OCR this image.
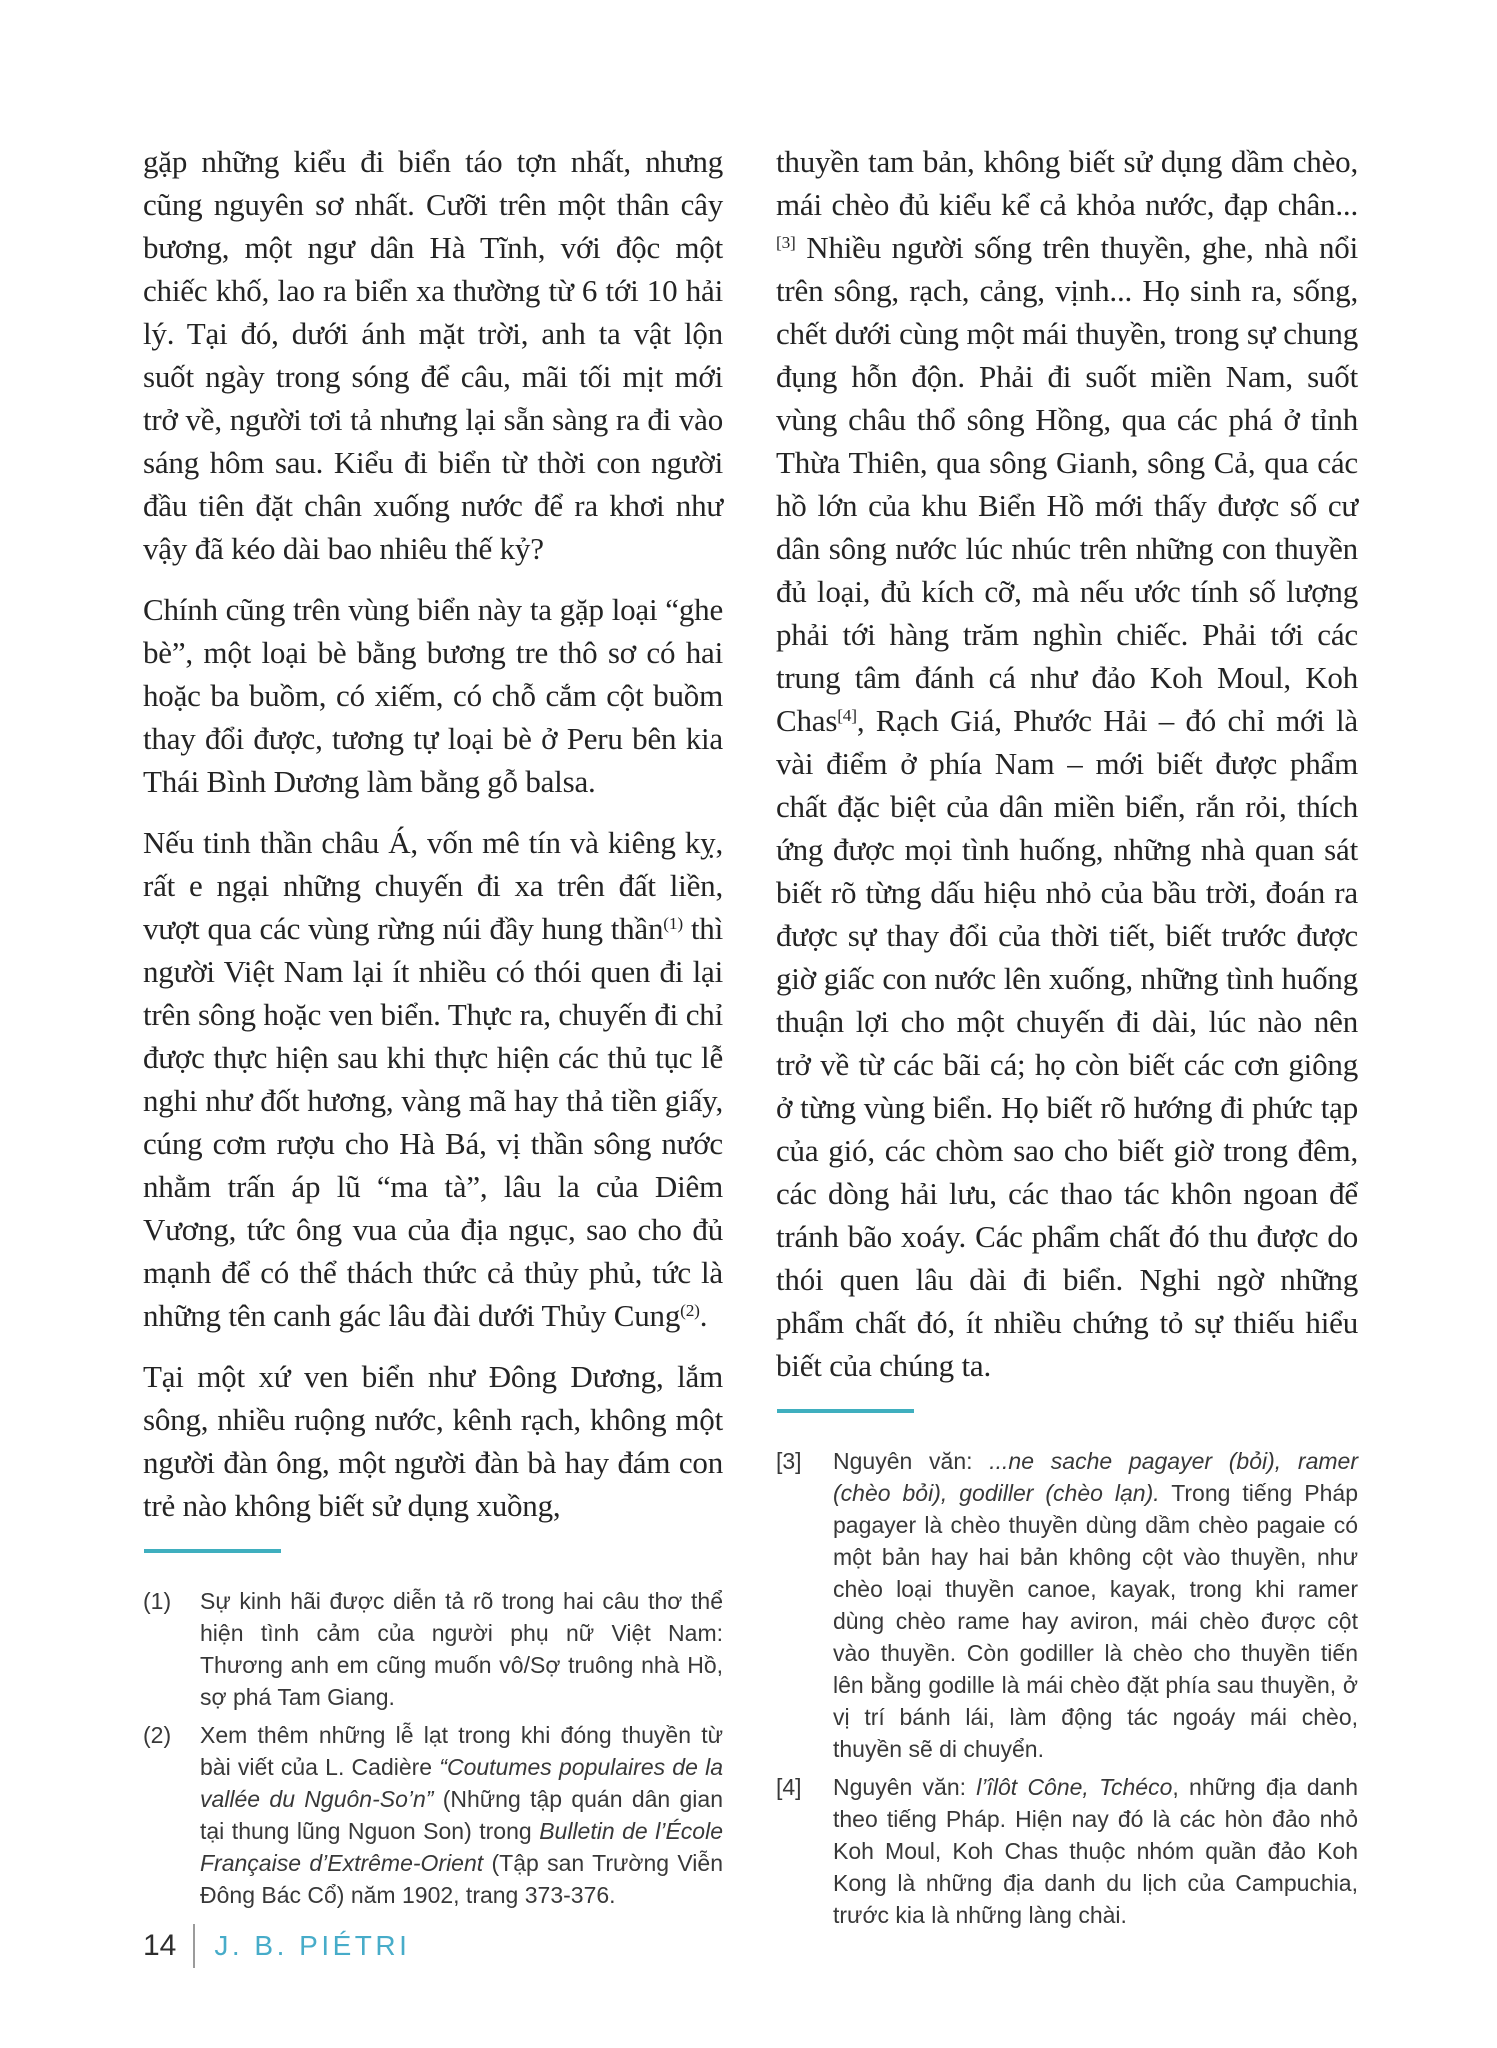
gặp những kiểu đi biển táo tợn nhất, nhưng cũng nguyên sơ nhất. Cưỡi trên một thân cây bương, một ngư dân Hà Tĩnh, với độc một chiếc khố, lao ra biển xa thường từ 6 tới 10 hải lý. Tại đó, dưới ánh mặt trời, anh ta vật lộn suốt ngày trong sóng để câu, mãi tối mịt mới trở về, người tơi tả nhưng lại sẵn sàng ra đi vào sáng hôm sau. Kiểu đi biển từ thời con người đầu tiên đặt chân xuống nước để ra khơi như vậy đã kéo dài bao nhiêu thế kỷ?

Chính cũng trên vùng biển này ta gặp loại “ghe bè”, một loại bè bằng bương tre thô sơ có hai hoặc ba buồm, có xiếm, có chỗ cắm cột buồm thay đổi được, tương tự loại bè ở Peru bên kia Thái Bình Dương làm bằng gỗ balsa.

Nếu tinh thần châu Á, vốn mê tín và kiêng kỵ, rất e ngại những chuyến đi xa trên đất liền, vượt qua các vùng rừng núi đầy hung thần$^{(1)}$ thì người Việt Nam lại ít nhiều có thói quen đi lại trên sông hoặc ven biển. Thực ra, chuyến đi chỉ được thực hiện sau khi thực hiện các thủ tục lễ nghi như đốt hương, vàng mã hay thả tiền giấy, cúng cơm rượu cho Hà Bá, vị thần sông nước nhằm trấn áp lũ “ma tà”, lâu la của Diêm Vương, tức ông vua của địa ngục, sao cho đủ mạnh để có thể thách thức cả thủy phủ, tức là những tên canh gác lâu đài dưới Thủy Cung$^{(2)}$.

Tại một xứ ven biển như Đông Dương, lắm sông, nhiều ruộng nước, kênh rạch, không một người đàn ông, một người đàn bà hay đám con trẻ nào không biết sử dụng xuồng,

(1)	Sự kinh hãi được diễn tả rõ trong hai câu thơ thể hiện tình cảm của người phụ nữ Việt Nam: Thương anh em cũng muốn vô/Sợ truông nhà Hồ, sợ phá Tam Giang.
(2)	Xem thêm những lễ lạt trong khi đóng thuyền từ bài viết của L. Cadière “Coutumes populaires de la vallée du Nguôn-So’n” (Những tập quán dân gian tại thung lũng Nguon Son) trong Bulletin de l’École Française d’Extrême-Orient (Tập san Trường Viễn Đông Bác Cổ) năm 1902, trang 373-376.

thuyền tam bản, không biết sử dụng dầm chèo, mái chèo đủ kiểu kể cả khỏa nước, đạp chân...[3] Nhiều người sống trên thuyền, ghe, nhà nổi trên sông, rạch, cảng, vịnh... Họ sinh ra, sống, chết dưới cùng một mái thuyền, trong sự chung đụng hỗn độn. Phải đi suốt miền Nam, suốt vùng châu thổ sông Hồng, qua các phá ở tỉnh Thừa Thiên, qua sông Gianh, sông Cả, qua các hồ lớn của khu Biển Hồ mới thấy được số cư dân sông nước lúc nhúc trên những con thuyền đủ loại, đủ kích cỡ, mà nếu ước tính số lượng phải tới hàng trăm nghìn chiếc. Phải tới các trung tâm đánh cá như đảo Koh Moul, Koh Chas[4], Rạch Giá, Phước Hải – đó chỉ mới là vài điểm ở phía Nam – mới biết được phẩm chất đặc biệt của dân miền biển, rắn rỏi, thích ứng được mọi tình huống, những nhà quan sát biết rõ từng dấu hiệu nhỏ của bầu trời, đoán ra được sự thay đổi của thời tiết, biết trước được giờ giấc con nước lên xuống, những tình huống thuận lợi cho một chuyến đi dài, lúc nào nên trở về từ các bãi cá; họ còn biết các cơn giông ở từng vùng biển. Họ biết rõ hướng đi phức tạp của gió, các chòm sao cho biết giờ trong đêm, các dòng hải lưu, các thao tác khôn ngoan để tránh bão xoáy. Các phẩm chất đó thu được do thói quen lâu dài đi biển. Nghi ngờ những phẩm chất đó, ít nhiều chứng tỏ sự thiếu hiểu biết của chúng ta.

[3]	Nguyên văn: ...ne sache pagayer (bỏi), ramer (chèo bỏi), godiller (chèo lạn). Trong tiếng Pháp pagayer là chèo thuyền dùng dầm chèo pagaie có một bản hay hai bản không cột vào thuyền, như chèo loại thuyền canoe, kayak, trong khi ramer dùng chèo rame hay aviron, mái chèo được cột vào thuyền. Còn godiller là chèo cho thuyền tiến lên bằng godille là mái chèo đặt phía sau thuyền, ở vị trí bánh lái, làm động tác ngoáy mái chèo, thuyền sẽ di chuyển.
[4]	Nguyên văn: l’îlôt Cône, Tchéco, những địa danh theo tiếng Pháp. Hiện nay đó là các hòn đảo nhỏ Koh Moul, Koh Chas thuộc nhóm quần đảo Koh Kong là những địa danh du lịch của Campuchia, trước kia là những làng chài.
14 J. B. PIÉTRI
